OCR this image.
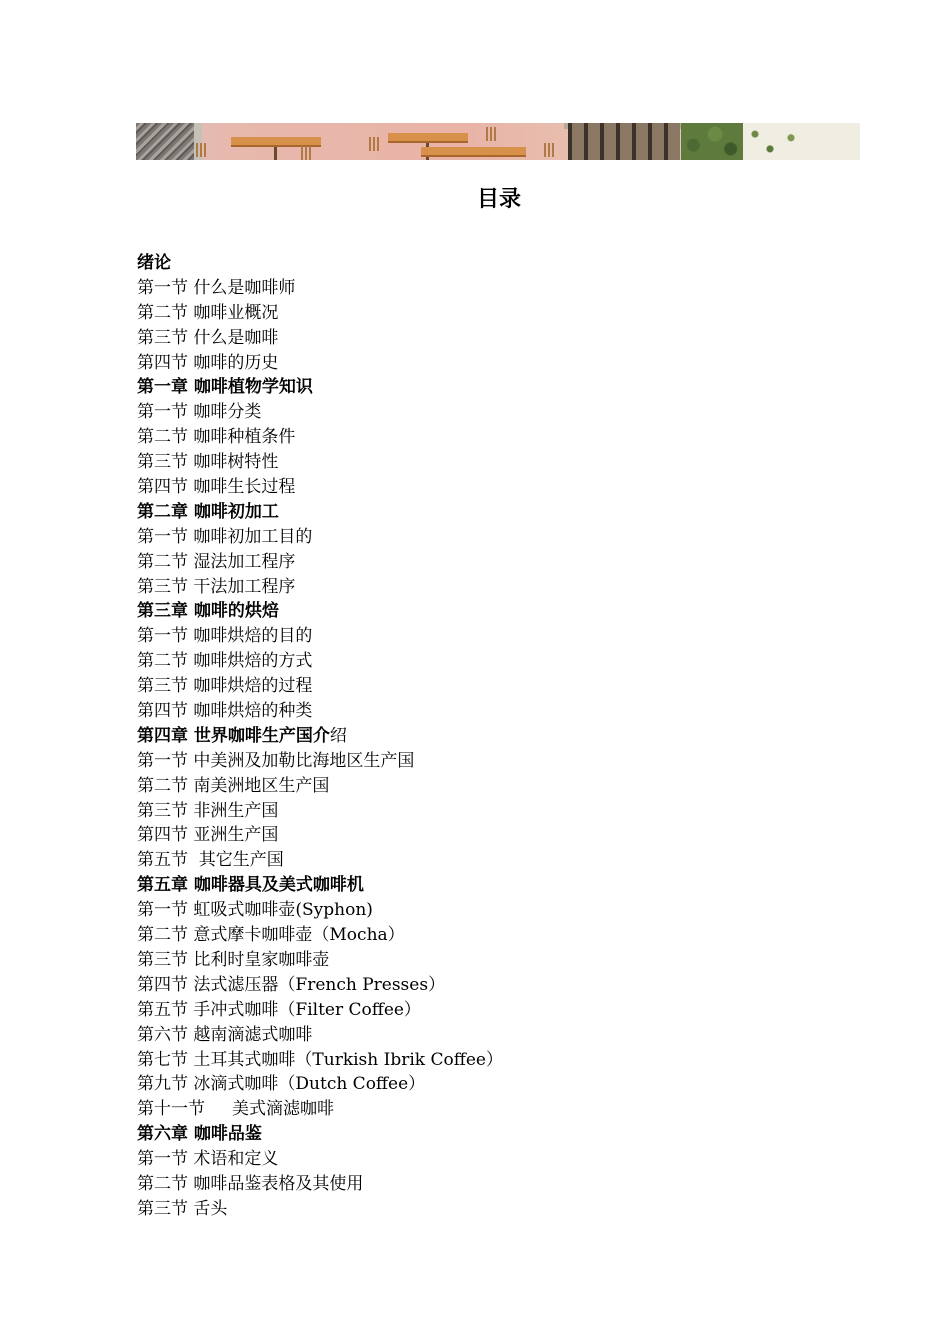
目录
绪论
第一节 什么是咖啡师
第二节 咖啡业概况
第三节 什么是咖啡
第四节 咖啡的历史
第一章 咖啡植物学知识
第一节 咖啡分类
第二节 咖啡种植条件
第三节 咖啡树特性
第四节 咖啡生长过程
第二章 咖啡初加工
第一节 咖啡初加工目的
第二节 湿法加工程序
第三节 干法加工程序
第三章 咖啡的烘焙
第一节 咖啡烘焙的目的
第二节 咖啡烘焙的方式
第三节 咖啡烘焙的过程
第四节 咖啡烘焙的种类
第四章 世界咖啡生产国介绍
第一节 中美洲及加勒比海地区生产国
第二节 南美洲地区生产国
第三节 非洲生产国
第四节 亚洲生产国
第五节  其它生产国
第五章 咖啡器具及美式咖啡机
第一节 虹吸式咖啡壶(Syphon)
第二节 意式摩卡咖啡壶（Mocha）
第三节 比利时皇家咖啡壶
第四节 法式滤压器（French Presses）
第五节 手冲式咖啡（Filter Coffee）
第六节 越南滴滤式咖啡
第七节 土耳其式咖啡（Turkish Ibrik Coffee）
第九节 冰滴式咖啡（Dutch Coffee）
第十一节     美式滴滤咖啡
第六章 咖啡品鉴
第一节 术语和定义
第二节 咖啡品鉴表格及其使用
第三节 舌头
